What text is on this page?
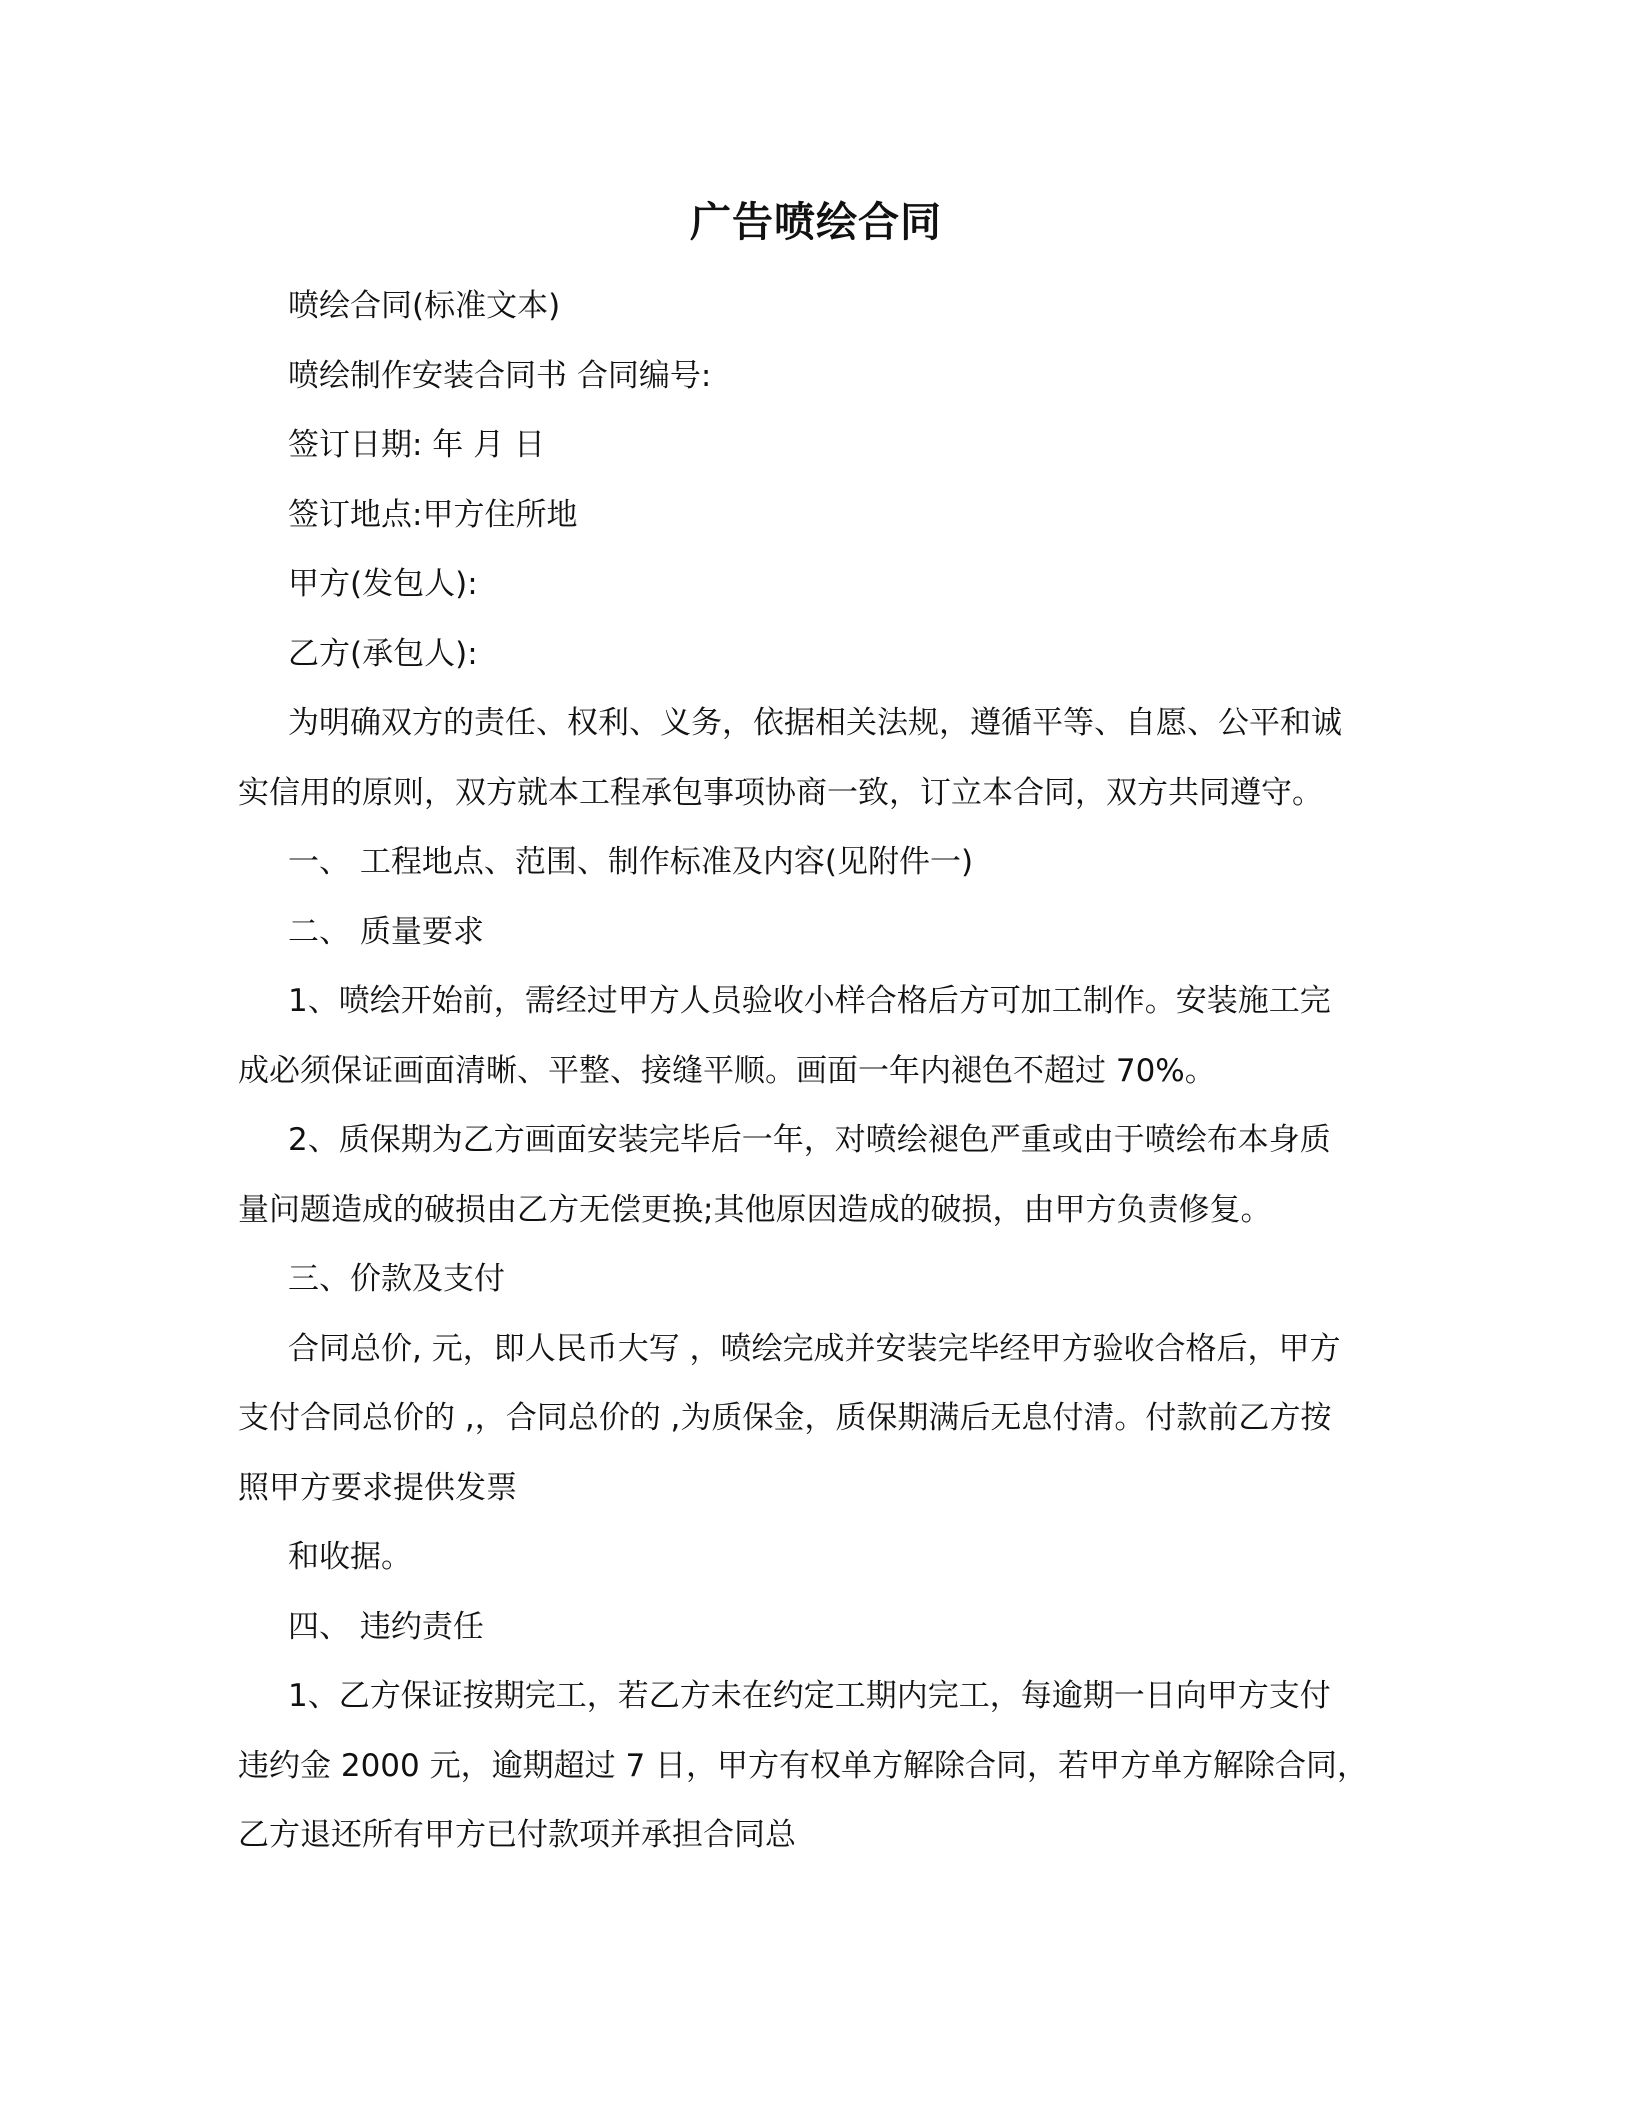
广告喷绘合同

喷绘合同(标准文本)

喷绘制作安装合同书 合同编号:

签订日期: 年 月 日

签订地点:甲方住所地

甲方(发包人):

乙方(承包人):

为明确双方的责任、权利、义务，依据相关法规，遵循平等、自愿、公平和诚

实信用的原则，双方就本工程承包事项协商一致，订立本合同，双方共同遵守。

一、 工程地点、范围、制作标准及内容(见附件一)

二、 质量要求

1、喷绘开始前，需经过甲方人员验收小样合格后方可加工制作。安装施工完

成必须保证画面清晰、平整、接缝平顺。画面一年内褪色不超过 70%。

2、质保期为乙方画面安装完毕后一年，对喷绘褪色严重或由于喷绘布本身质

量问题造成的破损由乙方无偿更换;其他原因造成的破损，由甲方负责修复。

三、价款及支付

合同总价, 元，即人民币大写 ，喷绘完成并安装完毕经甲方验收合格后，甲方

支付合同总价的 ,，合同总价的 ,为质保金，质保期满后无息付清。付款前乙方按

照甲方要求提供发票

和收据。

四、 违约责任

1、乙方保证按期完工，若乙方未在约定工期内完工，每逾期一日向甲方支付

违约金 2000 元，逾期超过 7 日，甲方有权单方解除合同，若甲方单方解除合同，

乙方退还所有甲方已付款项并承担合同总
